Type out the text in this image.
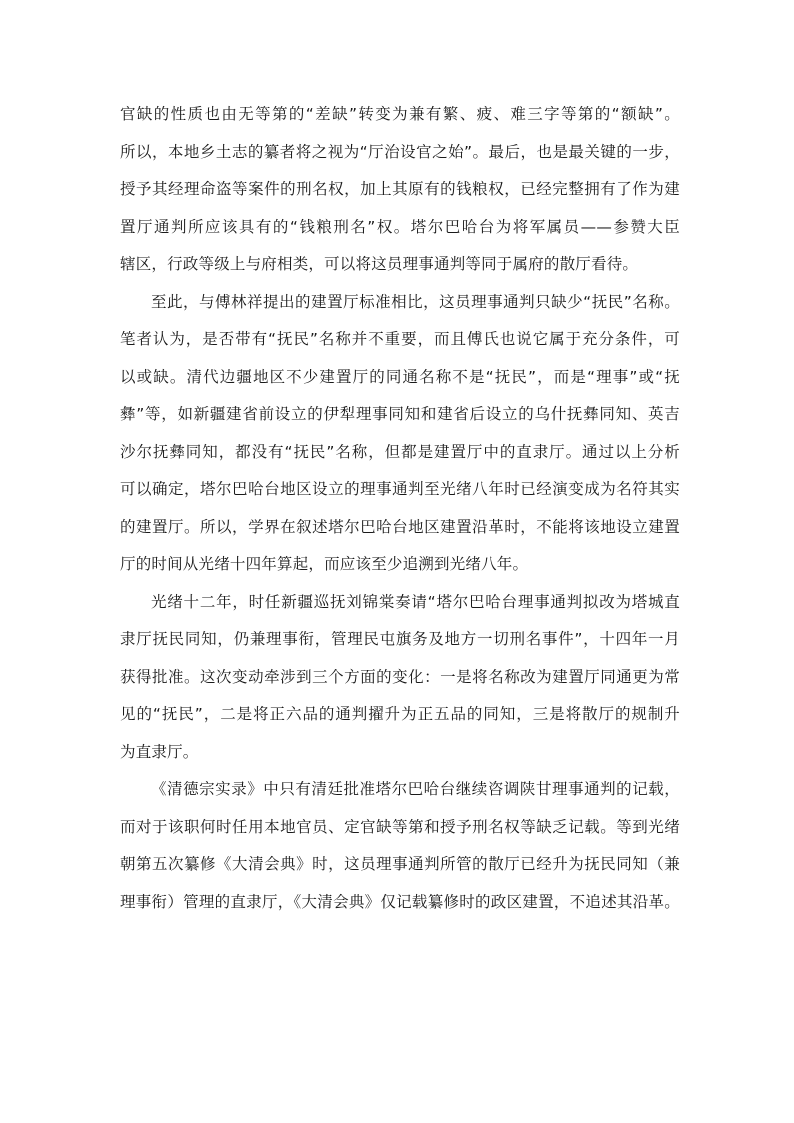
官缺的性质也由无等第的“差缺”转变为兼有繁、疲、难三字等第的“额缺”。
所以，本地乡土志的纂者将之视为“厅治设官之始”。最后，也是最关键的一步，
授予其经理命盗等案件的刑名权，加上其原有的钱粮权，已经完整拥有了作为建
置厅通判所应该具有的“钱粮刑名”权。塔尔巴哈台为将军属员——参赞大臣
辖区，行政等级上与府相类，可以将这员理事通判等同于属府的散厅看待。
至此，与傅林祥提出的建置厅标准相比，这员理事通判只缺少“抚民”名称。
笔者认为，是否带有“抚民”名称并不重要，而且傅氏也说它属于充分条件，可
以或缺。清代边疆地区不少建置厅的同通名称不是“抚民”，而是“理事”或“抚
彝”等，如新疆建省前设立的伊犁理事同知和建省后设立的乌什抚彝同知、英吉
沙尔抚彝同知，都没有“抚民”名称，但都是建置厅中的直隶厅。通过以上分析
可以确定，塔尔巴哈台地区设立的理事通判至光绪八年时已经演变成为名符其实
的建置厅。所以，学界在叙述塔尔巴哈台地区建置沿革时，不能将该地设立建置
厅的时间从光绪十四年算起，而应该至少追溯到光绪八年。
光绪十二年，时任新疆巡抚刘锦棠奏请“塔尔巴哈台理事通判拟改为塔城直
隶厅抚民同知，仍兼理事衔，管理民屯旗务及地方一切刑名事件”，十四年一月
获得批准。这次变动牵涉到三个方面的变化：一是将名称改为建置厅同通更为常
见的“抚民”，二是将正六品的通判擢升为正五品的同知，三是将散厅的规制升
为直隶厅。
《清德宗实录》中只有清廷批准塔尔巴哈台继续咨调陕甘理事通判的记载，
而对于该职何时任用本地官员、定官缺等第和授予刑名权等缺乏记载。等到光绪
朝第五次纂修《大清会典》时，这员理事通判所管的散厅已经升为抚民同知（兼
理事衔）管理的直隶厅，《大清会典》仅记载纂修时的政区建置，不追述其沿革。
